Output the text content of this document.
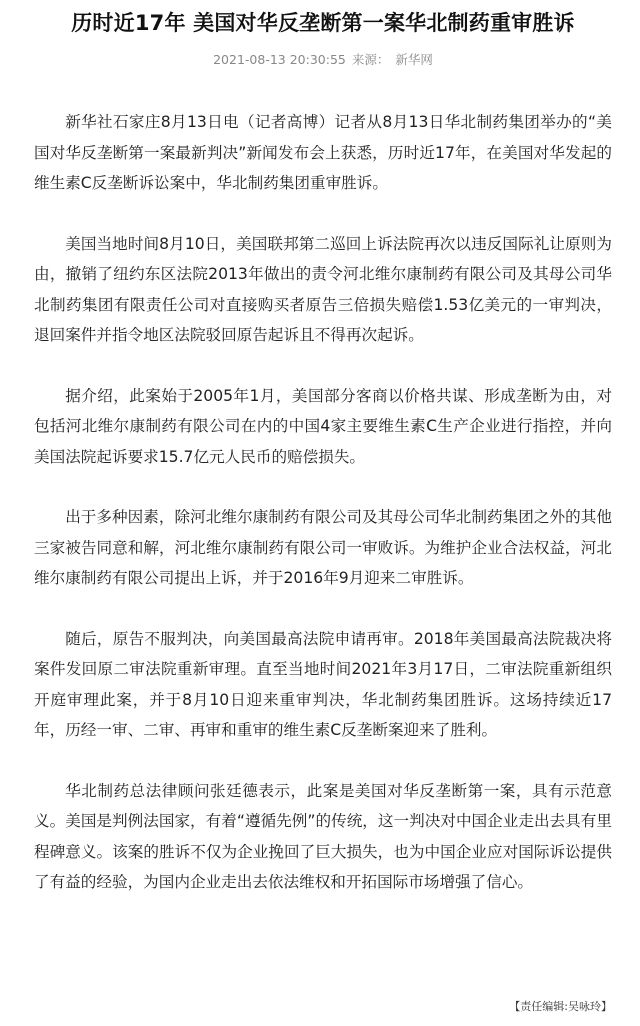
历时近17年 美国对华反垄断第一案华北制药重审胜诉
2021-08-13 20:30:55 来源： 新华网

新华社石家庄8月13日电（记者高博）记者从8月13日华北制药集团举办的“美国对华反垄断第一案最新判决”新闻发布会上获悉，历时近17年，在美国对华发起的维生素C反垄断诉讼案中，华北制药集团重审胜诉。

美国当地时间8月10日，美国联邦第二巡回上诉法院再次以违反国际礼让原则为由，撤销了纽约东区法院2013年做出的责令河北维尔康制药有限公司及其母公司华北制药集团有限责任公司对直接购买者原告三倍损失赔偿1.53亿美元的一审判决，退回案件并指令地区法院驳回原告起诉且不得再次起诉。

据介绍，此案始于2005年1月，美国部分客商以价格共谋、形成垄断为由，对包括河北维尔康制药有限公司在内的中国4家主要维生素C生产企业进行指控，并向美国法院起诉要求15.7亿元人民币的赔偿损失。

出于多种因素，除河北维尔康制药有限公司及其母公司华北制药集团之外的其他三家被告同意和解，河北维尔康制药有限公司一审败诉。为维护企业合法权益，河北维尔康制药有限公司提出上诉，并于2016年9月迎来二审胜诉。

随后，原告不服判决，向美国最高法院申请再审。2018年美国最高法院裁决将案件发回原二审法院重新审理。直至当地时间2021年3月17日，二审法院重新组织开庭审理此案，并于8月10日迎来重审判决，华北制药集团胜诉。这场持续近17年，历经一审、二审、再审和重审的维生素C反垄断案迎来了胜利。

华北制药总法律顾问张廷德表示，此案是美国对华反垄断第一案，具有示范意义。美国是判例法国家，有着“遵循先例”的传统，这一判决对中国企业走出去具有里程碑意义。该案的胜诉不仅为企业挽回了巨大损失，也为中国企业应对国际诉讼提供了有益的经验，为国内企业走出去依法维权和开拓国际市场增强了信心。

【责任编辑:吴咏玲】
